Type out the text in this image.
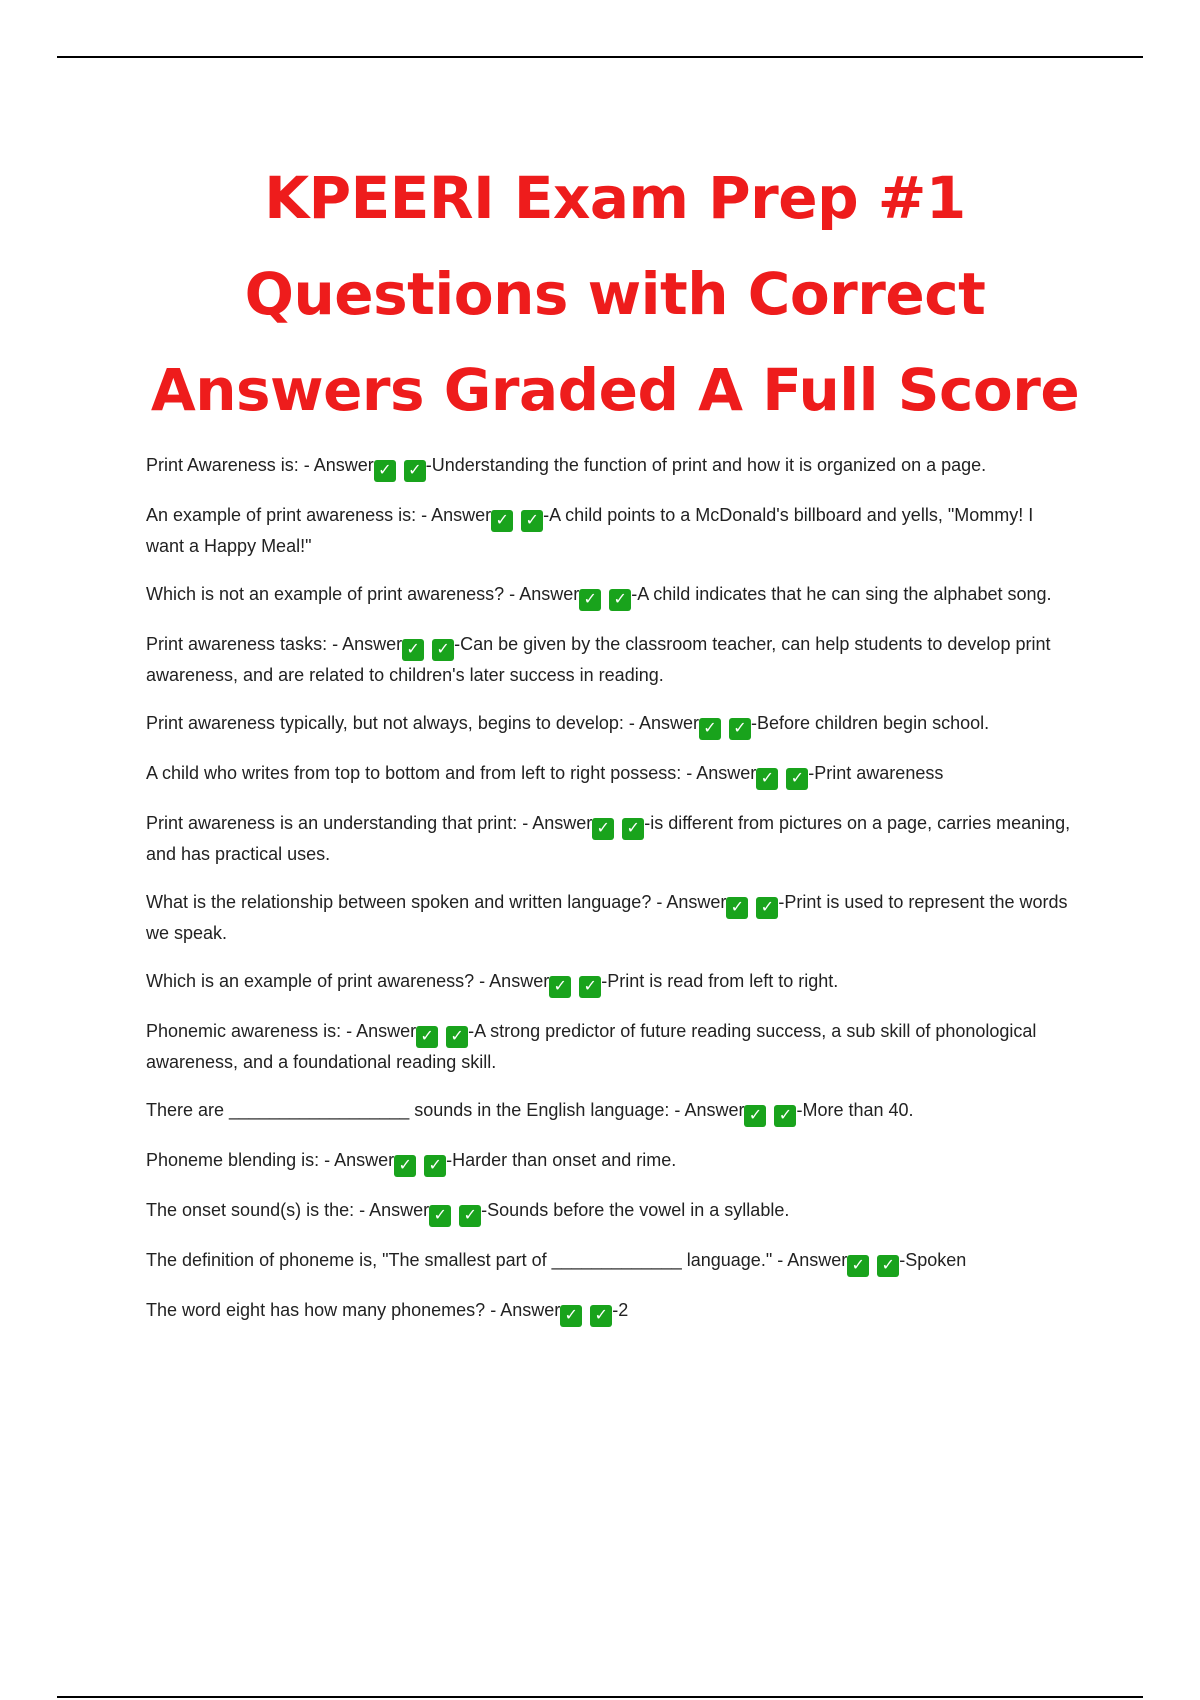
KPEERI Exam Prep #1
Questions with Correct
Answers Graded A Full Score
Print Awareness is: - Answer ✓ ✓ -Understanding the function of print and how it is organized on a page.
An example of print awareness is: - Answer ✓ ✓ -A child points to a McDonald's billboard and yells, "Mommy! I want a Happy Meal!"
Which is not an example of print awareness? - Answer ✓ ✓ -A child indicates that he can sing the alphabet song.
Print awareness tasks: - Answer ✓ ✓ -Can be given by the classroom teacher, can help students to develop print awareness, and are related to children's later success in reading.
Print awareness typically, but not always, begins to develop: - Answer ✓ ✓ -Before children begin school.
A child who writes from top to bottom and from left to right possess: - Answer ✓ ✓ -Print awareness
Print awareness is an understanding that print: - Answer ✓ ✓ -is different from pictures on a page, carries meaning, and has practical uses.
What is the relationship between spoken and written language? - Answer ✓ ✓ -Print is used to represent the words we speak.
Which is an example of print awareness? - Answer ✓ ✓ -Print is read from left to right.
Phonemic awareness is: - Answer ✓ ✓ -A strong predictor of future reading success, a sub skill of phonological awareness, and a foundational reading skill.
There are __________________ sounds in the English language: - Answer ✓ ✓ -More than 40.
Phoneme blending is: - Answer ✓ ✓ -Harder than onset and rime.
The onset sound(s) is the: - Answer ✓ ✓ -Sounds before the vowel in a syllable.
The definition of phoneme is, "The smallest part of _____________ language." - Answer ✓ ✓ -Spoken
The word eight has how many phonemes? - Answer ✓ ✓ -2
